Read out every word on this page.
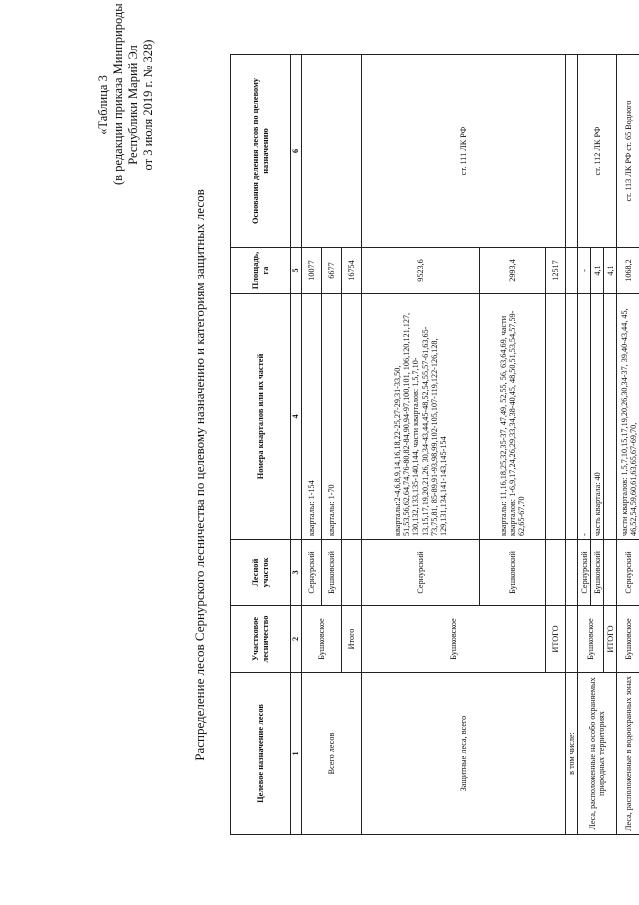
«Таблица 3 (в редакции приказа Минприроды Республики Марий Эл от 3 июля 2019 г. № 328)
Распределение лесов Сернурского лесничества по целевому назначению и категориям защитных лесов	Целевое назначение лесов	Участковое лесничество	Лесной участок	Номера кварталов или их частей	Площадь, га	Основания деления лесов по целевому назначению
1	2	3	4	5	6
Всего лесов	Бушковское	Сернурский	кварталы: 1-154	10077	
		Бушковский	кварталы: 1-70	6677	
	Итого			16754	
Защитные леса, всего	Бушковское	Сернурский	кварталы:2-4,6,8,9,14,16,18,22-25,27-29,31-33,50, 51,53,56,62,64,74,76-80,82-84,90,94-97,100,101, 106,120,121,127, 130,132,133,135-140,144, части кварталов: 1,5,7,10-13,15,17,19,20,21,26, 30,34-43,44,45-48,52,54,55,57-61,63,65-73,75,81, 85-89,91-93,98,99,102-105,107-119,122-126,128, 129,131,134,141-143,145-154	9523,6	ст. 111 ЛК РФ
		Бушковский	кварталы: 11,16,18,25,32,35-37, 47,49, 52,55, 56, 63,64,69, части кварталов: 1-6,9,17,24,26,29,33,34,38-40,45, 48,50,51,53,54,57,59-62,65-67,70	2993,4	
	ИТОГО			12517	
в том числе:					
Леса, расположенные на особо охраняемых природных территориях	Бушковское	Сернурский	-	-	ст. 112 ЛК РФ
		Бушковский	часть квартала: 40	4,1	
	ИТОГО			4,1	
Леса, расположенные в водоохранных зонах	Бушковское	Сернурский	части кварталов: 1,5,7,10,15,17,19,20,26,30,34-37, 39,40-43,44, 45, 46,52,54,59,60,61,63,65,67-69,70,	1068,2	ст. 113 ЛК РФ ст. 65 Водного
